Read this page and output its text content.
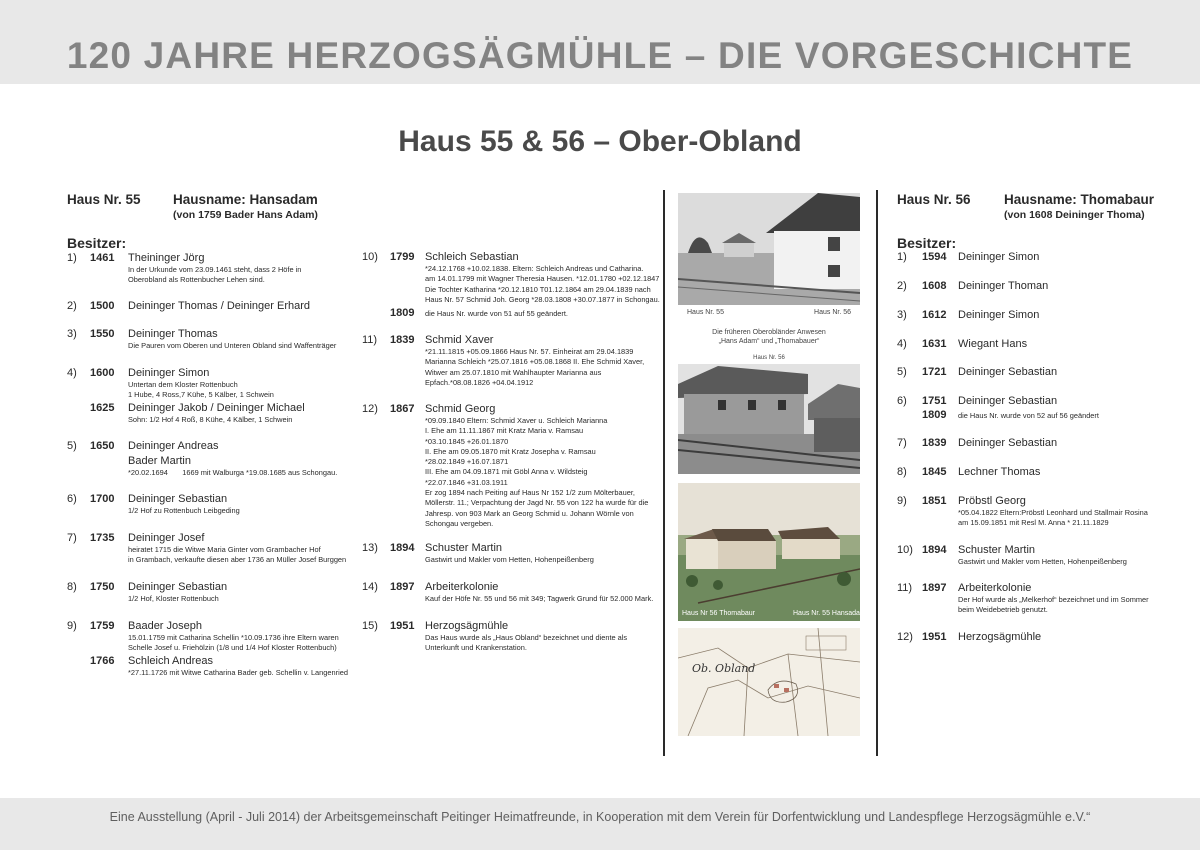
120 JAHRE HERZOGSÄGMÜHLE – DIE VORGESCHICHTE
Haus 55 & 56 – Ober-Obland
Haus Nr. 55 Hausname: Hansadam
(von 1759 Bader Hans Adam)
Besitzer:
1) 1461 Theininger Jörg
In der Urkunde vom 23.09.1461 steht, dass 2 Höfe in
Oberobland als Rottenbucher Lehen sind.
2) 1500 Deininger Thomas / Deininger Erhard
3) 1550 Deininger Thomas
Die Pauren vom Oberen und Unteren Obland sind Waffenträger
4) 1600 Deininger Simon
Untertan dem Kloster Rottenbuch
1 Hube, 4 Ross,7 Kühe, 5 Kälber, 1 Schwein
1625 Deininger Jakob / Deininger Michael
Sohn: 1/2 Hof 4 Roß, 8 Kühe, 4 Kälber, 1 Schwein
5) 1650 Deininger Andreas
Bader Martin
*20.02.1694       1669 mit Walburga *19.08.1685 aus Schongau.
6) 1700 Deininger Sebastian
1/2 Hof zu Rottenbuch Leibgeding
7) 1735 Deininger Josef
heiratet 1715 die Witwe Maria Ginter vom Grambacher Hof
in Grambach, verkaufte diesen aber 1736 an Müller Josef Burggen
8) 1750 Deininger Sebastian
1/2 Hof, Kloster Rottenbuch
9) 1759 Baader Joseph
15.01.1759 mit Catharina Schellin *10.09.1736 ihre Eltern waren
Schelle Josef u. Friehölzin (1/8 und 1/4 Hof Kloster Rottenbuch)
1766 Schleich Andreas
*27.11.1726 mit Witwe Catharina Bader geb. Schellin v. Langenried
10) 1799 Schleich Sebastian
*24.12.1768 +10.02.1838. Eltern: Schleich Andreas und Catharina.
am 14.01.1799 mit Wagner Theresia Hausen. *12.01.1780 +02.12.1847
Die Tochter Katharina *20.12.1810 T01.12.1864 am 29.04.1839 nach
Haus Nr. 57 Schmid Joh. Georg *28.03.1808 +30.07.1877 in Schongau.
1809 die Haus Nr. wurde von 51 auf 55 geändert.
11) 1839 Schmid Xaver
*21.11.1815 +05.09.1866 Haus Nr. 57. Einheirat am 29.04.1839
Marianna Schleich *25.07.1816 +05.08.1868 II. Ehe Schmid Xaver,
Witwer am 25.07.1810 mit Wahlhaupter Marianna aus
Epfach.*08.08.1826 +04.04.1912
12) 1867 Schmid Georg
*09.09.1840 Eltern: Schmid Xaver u. Schleich Marianna
I. Ehe am 11.11.1867 mit Kratz Maria v. Ramsau
*03.10.1845 +26.01.1870
II. Ehe am 09.05.1870 mit Kratz Josepha v. Ramsau
*28.02.1849 +16.07.1871
III. Ehe am 04.09.1871 mit Göbl Anna v. Wildsteig
*22.07.1846 +31.03.1911
Er zog 1894 nach Peiting auf Haus Nr 152 1/2 zum Mölterbauer,
Möllerstr. 11.; Verpachtung der Jagd Nr. 55 von 122 ha wurde für die
Jahresp. von 903 Mark an Georg Schmid u. Johann Wörnle von
Schongau vergeben.
13) 1894 Schuster Martin
Gastwirt und Makler vom Hetten, Hohenpeißenberg
14) 1897 Arbeiterkolonie
Kauf der Höfe Nr. 55 und 56 mit 349; Tagwerk Grund für 52.000 Mark.
15) 1951 Herzogsägmühle
Das Haus wurde als „Haus Obland“ bezeichnet und diente als
Unterkunft und Krankenstation.
Haus Nr. 55	Haus Nr. 56
Die früheren Oberobländer Anwesen
„Hans Adam“ und „Thomabauer“
Haus Nr. 56
Haus Nr 56 Thomabaur	Haus Nr. 55 Hansadam
Ob. Obland
Haus Nr. 56 Hausname: Thomabaur
(von 1608 Deininger Thoma)
Besitzer:
1) 1594 Deininger Simon
2) 1608 Deininger Thoman
3) 1612 Deininger Simon
4) 1631 Wiegant Hans
5) 1721 Deininger Sebastian
6) 1751 Deininger Sebastian
1809 die Haus Nr. wurde von 52 auf 56 geändert
7) 1839 Deininger Sebastian
8) 1845 Lechner Thomas
9) 1851 Pröbstl Georg
*05.04.1822 Eltern:Pröbstl Leonhard und Stallmair Rosina
am 15.09.1851 mit Resl M. Anna * 21.11.1829
10) 1894 Schuster Martin
Gastwirt und Makler vom Hetten, Hohenpeißenberg
11) 1897 Arbeiterkolonie
Der Hof wurde als „Melkerhof“ bezeichnet und im Sommer
beim Weidebetrieb genutzt.
12) 1951 Herzogsägmühle
Eine Ausstellung (April - Juli 2014) der Arbeitsgemeinschaft Peitinger Heimatfreunde, in Kooperation mit dem Verein für Dorfentwicklung und Landespflege Herzogsägmühle e.V.“
